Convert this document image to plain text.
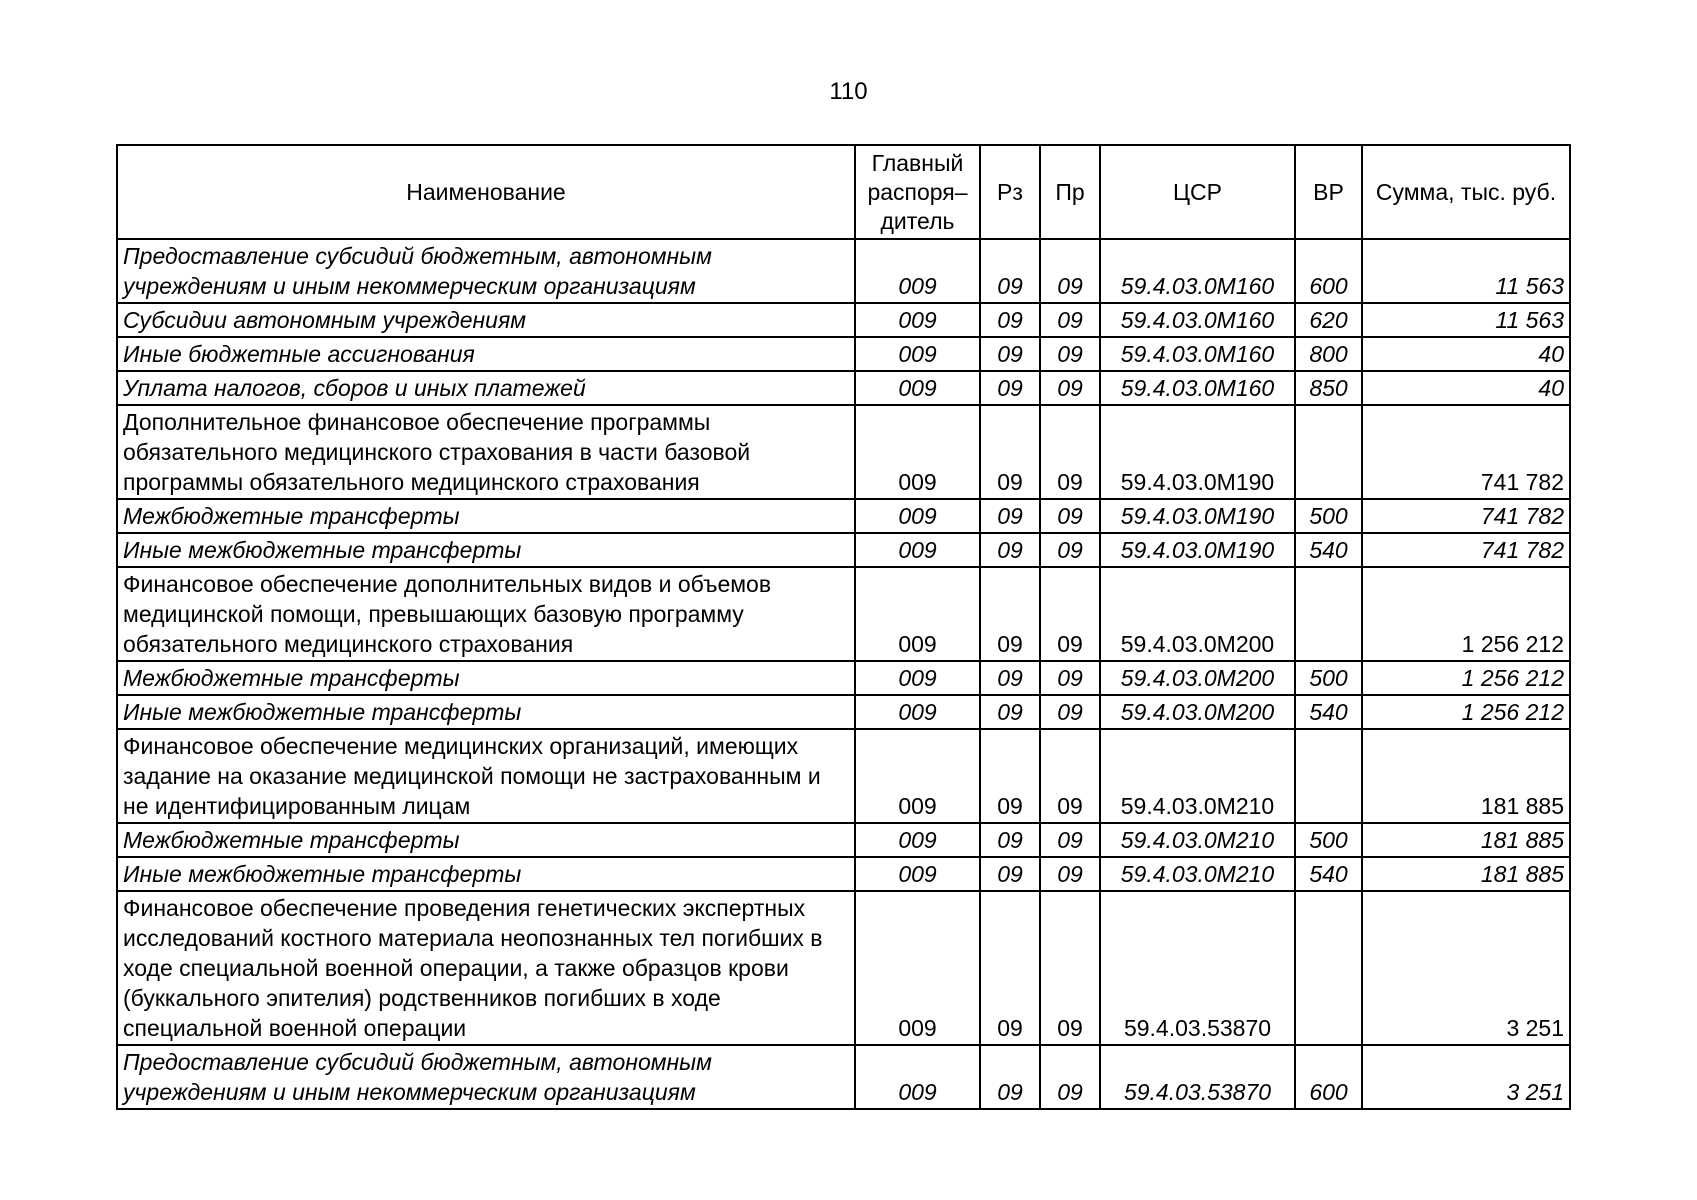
110
Наименование	Главный распоря– дитель	Рз	Пр	ЦСР	ВР	Сумма, тыс. руб.
Предоставление субсидий бюджетным, автономным учреждениям и иным некоммерческим организациям	009	09	09	59.4.03.0М160	600	11 563
Субсидии автономным учреждениям	009	09	09	59.4.03.0М160	620	11 563
Иные бюджетные ассигнования	009	09	09	59.4.03.0М160	800	40
Уплата налогов, сборов и иных платежей	009	09	09	59.4.03.0М160	850	40
Дополнительное финансовое обеспечение программы обязательного медицинского страхования в части базовой программы обязательного медицинского страхования	009	09	09	59.4.03.0М190		741 782
Межбюджетные трансферты	009	09	09	59.4.03.0М190	500	741 782
Иные межбюджетные трансферты	009	09	09	59.4.03.0М190	540	741 782
Финансовое обеспечение дополнительных видов и объемов медицинской помощи, превышающих базовую программу обязательного медицинского страхования	009	09	09	59.4.03.0М200		1 256 212
Межбюджетные трансферты	009	09	09	59.4.03.0М200	500	1 256 212
Иные межбюджетные трансферты	009	09	09	59.4.03.0М200	540	1 256 212
Финансовое обеспечение медицинских организаций, имеющих задание на оказание медицинской помощи не застрахованным и не идентифицированным лицам	009	09	09	59.4.03.0М210		181 885
Межбюджетные трансферты	009	09	09	59.4.03.0М210	500	181 885
Иные межбюджетные трансферты	009	09	09	59.4.03.0М210	540	181 885
Финансовое обеспечение проведения генетических экспертных исследований костного материала неопознанных тел погибших в ходе специальной военной операции, а также образцов крови (буккального эпителия) родственников погибших в ходе специальной военной операции	009	09	09	59.4.03.53870		3 251
Предоставление субсидий бюджетным, автономным учреждениям и иным некоммерческим организациям	009	09	09	59.4.03.53870	600	3 251
